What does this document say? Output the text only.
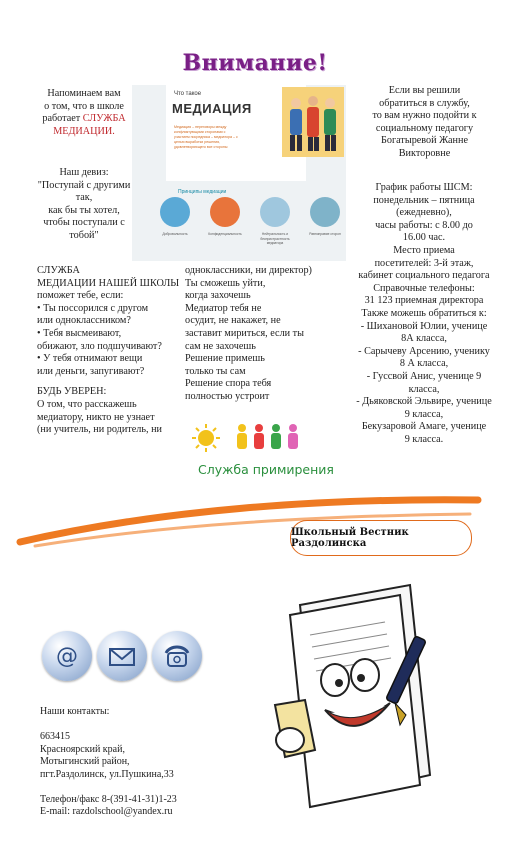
Внимание!
Напоминаем вам
о том, что в школе
работает СЛУЖБА
МЕДИАЦИИ.
Наш девиз:
"Поступай с другими
так,
как бы ты хотел,
чтобы поступали с
тобой"
СЛУЖБА
МЕДИАЦИИ НАШЕЙ ШКОЛЫ
поможет тебе, если:
• Ты поссорился с другом
или одноклассником?
• Тебя высмеивают,
обижают, зло подшучивают?
• У тебя отнимают вещи
или деньги, запугивают?
БУДЬ УВЕРЕН:
О том, что расскажешь
медиатору, никто не узнает
(ни учитель, ни родитель, ни
одноклассники, ни директор)
Ты сможешь уйти,
когда захочешь
Медиатор тебя не
осудит, не накажет, не
заставит мириться, если ты
сам не захочешь
Решение примешь
только ты сам
Решение спора тебя
полностью устроит
Если вы решили
обратиться в службу,
то вам нужно подойти к
социальному педагогу
Богатыревой Жанне
Викторовне
График работы ШСМ:
понедельник – пятница
(ежедневно),
часы работы: с 8.00 до
16.00 час.
Место приема
посетителей: 3-й этаж,
кабинет социального педагога
Справочные телефоны:
31 123 приемная директора
Также можешь обратиться к:
- Шихановой Юлии, ученице
8А класса,
- Сарычеву Арсению, ученику
8 А класса,
- Гуссвой Анис, ученице 9
класса,
- Дьяковской Эльвире, ученице
9 класса,
Бекузаровой Амаге, ученице
9 класса.
Что такое
МЕДИАЦИЯ
Медиация – переговоры между конфликтующими сторонами с участием посредника – медиатора – с целью выработки решения, удовлетворяющего все стороны
Принципы медиации
Добровольность	Конфиденциальность	Нейтральность и беспристрастность медиатора
Равноправие сторон
Служба примирения
Школьный Вестник Раздолинска
@
Наши контакты:
663415
Красноярский край,
Мотыгинский район,
пгт.Раздолинск, ул.Пушкина,33
Телефон/факс 8-(391-41-31)1-23
E-mail: razdolschool@yandex.ru
